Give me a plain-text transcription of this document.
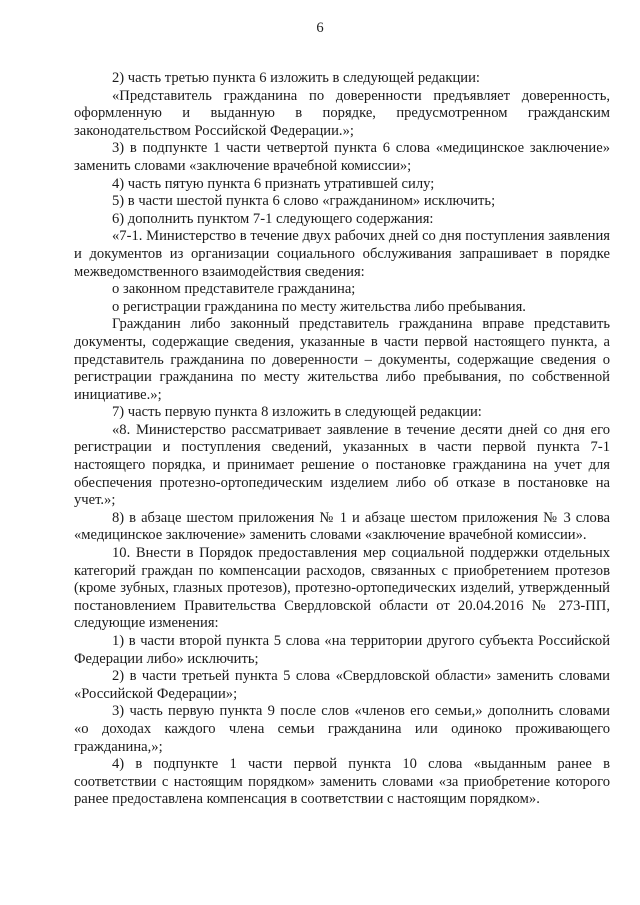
6

2) часть третью пункта 6 изложить в следующей редакции:

«Представитель гражданина по доверенности предъявляет доверенность, оформленную и выданную в порядке, предусмотренном гражданским законодательством Российской Федерации.»;

3) в подпункте 1 части четвертой пункта 6 слова «медицинское заключение» заменить словами «заключение врачебной комиссии»;

4) часть пятую пункта 6 признать утратившей силу;

5) в части шестой пункта 6 слово «гражданином» исключить;

6) дополнить пунктом 7-1 следующего содержания:

«7-1. Министерство в течение двух рабочих дней со дня поступления заявления и документов из организации социального обслуживания запрашивает в порядке межведомственного взаимодействия сведения:

о законном представителе гражданина;

о регистрации гражданина по месту жительства либо пребывания.

Гражданин либо законный представитель гражданина вправе представить документы, содержащие сведения, указанные в части первой настоящего пункта, а представитель гражданина по доверенности – документы, содержащие сведения о регистрации гражданина по месту жительства либо пребывания, по собственной инициативе.»;

7) часть первую пункта 8 изложить в следующей редакции:

«8. Министерство рассматривает заявление в течение десяти дней со дня его регистрации и поступления сведений, указанных в части первой пункта 7-1 настоящего порядка, и принимает решение о постановке гражданина на учет для обеспечения протезно-ортопедическим изделием либо об отказе в постановке на учет.»;

8) в абзаце шестом приложения № 1 и абзаце шестом приложения № 3 слова «медицинское заключение» заменить словами «заключение врачебной комиссии».

10. Внести в Порядок предоставления мер социальной поддержки отдельных категорий граждан по компенсации расходов, связанных с приобретением протезов (кроме зубных, глазных протезов), протезно-ортопедических изделий, утвержденный постановлением Правительства Свердловской области от 20.04.2016 № 273-ПП, следующие изменения:

1) в части второй пункта 5 слова «на территории другого субъекта Российской Федерации либо» исключить;

2) в части третьей пункта 5 слова «Свердловской области» заменить словами «Российской Федерации»;

3) часть первую пункта 9 после слов «членов его семьи,» дополнить словами «о доходах каждого члена семьи гражданина или одиноко проживающего гражданина,»;

4) в подпункте 1 части первой пункта 10 слова «выданным ранее в соответствии с настоящим порядком» заменить словами «за приобретение которого ранее предоставлена компенсация в соответствии с настоящим порядком».
